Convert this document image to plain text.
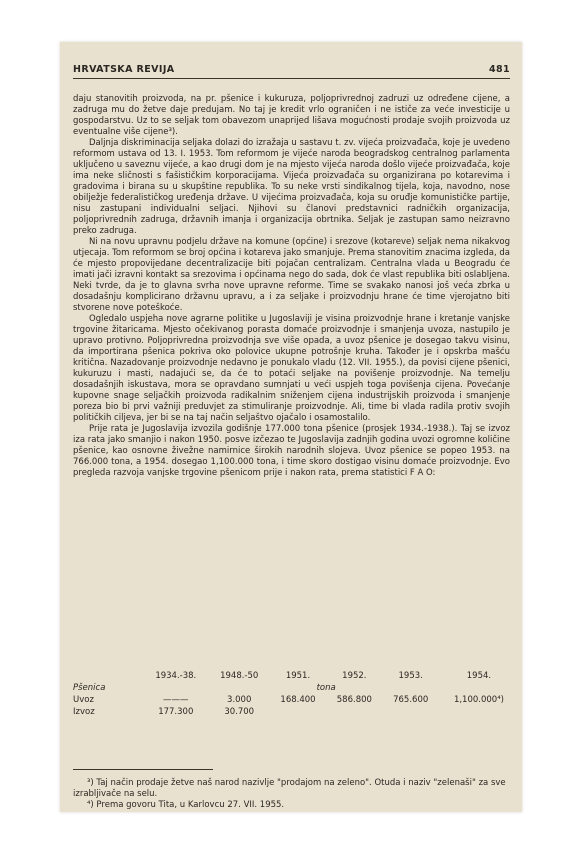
HRVATSKA REVIJA	481

daju stanovitih proizvoda, na pr. pšenice i kukuruza, poljoprivrednoj zadruzi uz određene cijene, a zadruga mu do žetve daje predujam. No taj je kredit vrlo ograničen i ne ističe za veće investicije u gospodarstvu. Uz to se seljak tom obavezom unaprijed lišava mogućnosti prodaje svojih proizvoda uz eventualne više cijene³).

Daljnja diskriminacija seljaka dolazi do izražaja u sastavu t. zv. vijeća proizvađača, koje je uvedeno reformom ustava od 13. I. 1953. Tom reformom je vijeće naroda beogradskog centralnog parlamenta uključeno u saveznu vijeće, a kao drugi dom je na mjesto vijeća naroda došlo vijeće proizvađača, koje ima neke sličnosti s fašističkim korporacijama. Vijeća proizvađača su organizirana po kotarevima i gradovima i birana su u skupštine republika. To su neke vrsti sindikalnog tijela, koja, navodno, nose obilježje federalističkog uređenja države. U vijećima proizvađača, koja su oruđje komunističke partije, nisu zastupani individualni seljaci. Njihovi su članovi predstavnici radničkih organizacija, poljoprivrednih zadruga, državnih imanja i organizacija obrtnika. Seljak je zastupan samo neizravno preko zadruga.

Ni na novu upravnu podjelu države na komune (općine) i srezove (kotareve) seljak nema nikakvog utjecaja. Tom reformom se broj općina i kotareva jako smanjuje. Prema stanovitim znacima izgleda, da će mjesto propovijedane decentralizacije biti pojačan centralizam. Centralna vlada u Beogradu će imati jači izravni kontakt sa srezovima i općinama nego do sada, dok će vlast republika biti oslabljena. Neki tvrde, da je to glavna svrha nove upravne reforme. Time se svakako nanosi još veća zbrka u dosadašnju komplicirano državnu upravu, a i za seljake i proizvodnju hrane će time vjerojatno biti stvorene nove poteškoće.

Ogledalo uspjeha nove agrarne politike u Jugoslaviji je visina proizvodnje hrane i kretanje vanjske trgovine žitaricama. Mjesto očekivanog porasta domaće proizvodnje i smanjenja uvoza, nastupilo je upravo protivno. Poljoprivredna proizvodnja sve više opada, a uvoz pšenice je dosegao takvu visinu, da importirana pšenica pokriva oko polovice ukupne potrošnje kruha. Također je i opskrba mašću kritična. Nazadovanje proizvodnje nedavno je ponukalo vladu (12. VII. 1955.), da povisi cijene pšenici, kukuruzu i masti, nadajući se, da će to potaći seljake na povišenje proizvodnje. Na temelju dosadašnjih iskustava, mora se opravdano sumnjati u veći uspjeh toga povišenja cijena. Povećanje kupovne snage seljačkih proizvoda radikalnim sniženjem cijena industrijskih proizvoda i smanjenje poreza bio bi prvi važniji preduvjet za stimuliranje proizvodnje. Ali, time bi vlada radila protiv svojih političkih ciljeva, jer bi se na taj način seljaštvo ojačalo i osamostalilo.

Prije rata je Jugoslavija izvozila godišnje 177.000 tona pšenice (prosjek 1934.-1938.). Taj se izvoz iza rata jako smanjio i nakon 1950. posve izčezao te Jugoslavija zadnjih godina uvozi ogromne količine pšenice, kao osnovne živežne namirnice širokih narodnih slojeva. Uvoz pšenice se popeo 1953. na 766.000 tona, a 1954. dosegao 1,100.000 tona, i time skoro dostigao visinu domaće proizvodnje. Evo pregleda razvoja vanjske trgovine pšenicom prije i nakon rata, prema statistici F A O:

	1934.-38.	1948.-50	1951.	1952.	1953.	1954.
Pšenica			tona			
Uvoz	———	3.000	168.400	586.800	765.600	1,100.000⁴)
Izvoz	177.300	30.700				

³) Taj način prodaje žetve naš narod nazivlje "prodajom na zeleno". Otuda i naziv "zelenaši" za sve izrabljivače na selu.

⁴) Prema govoru Tita, u Karlovcu 27. VII. 1955.
